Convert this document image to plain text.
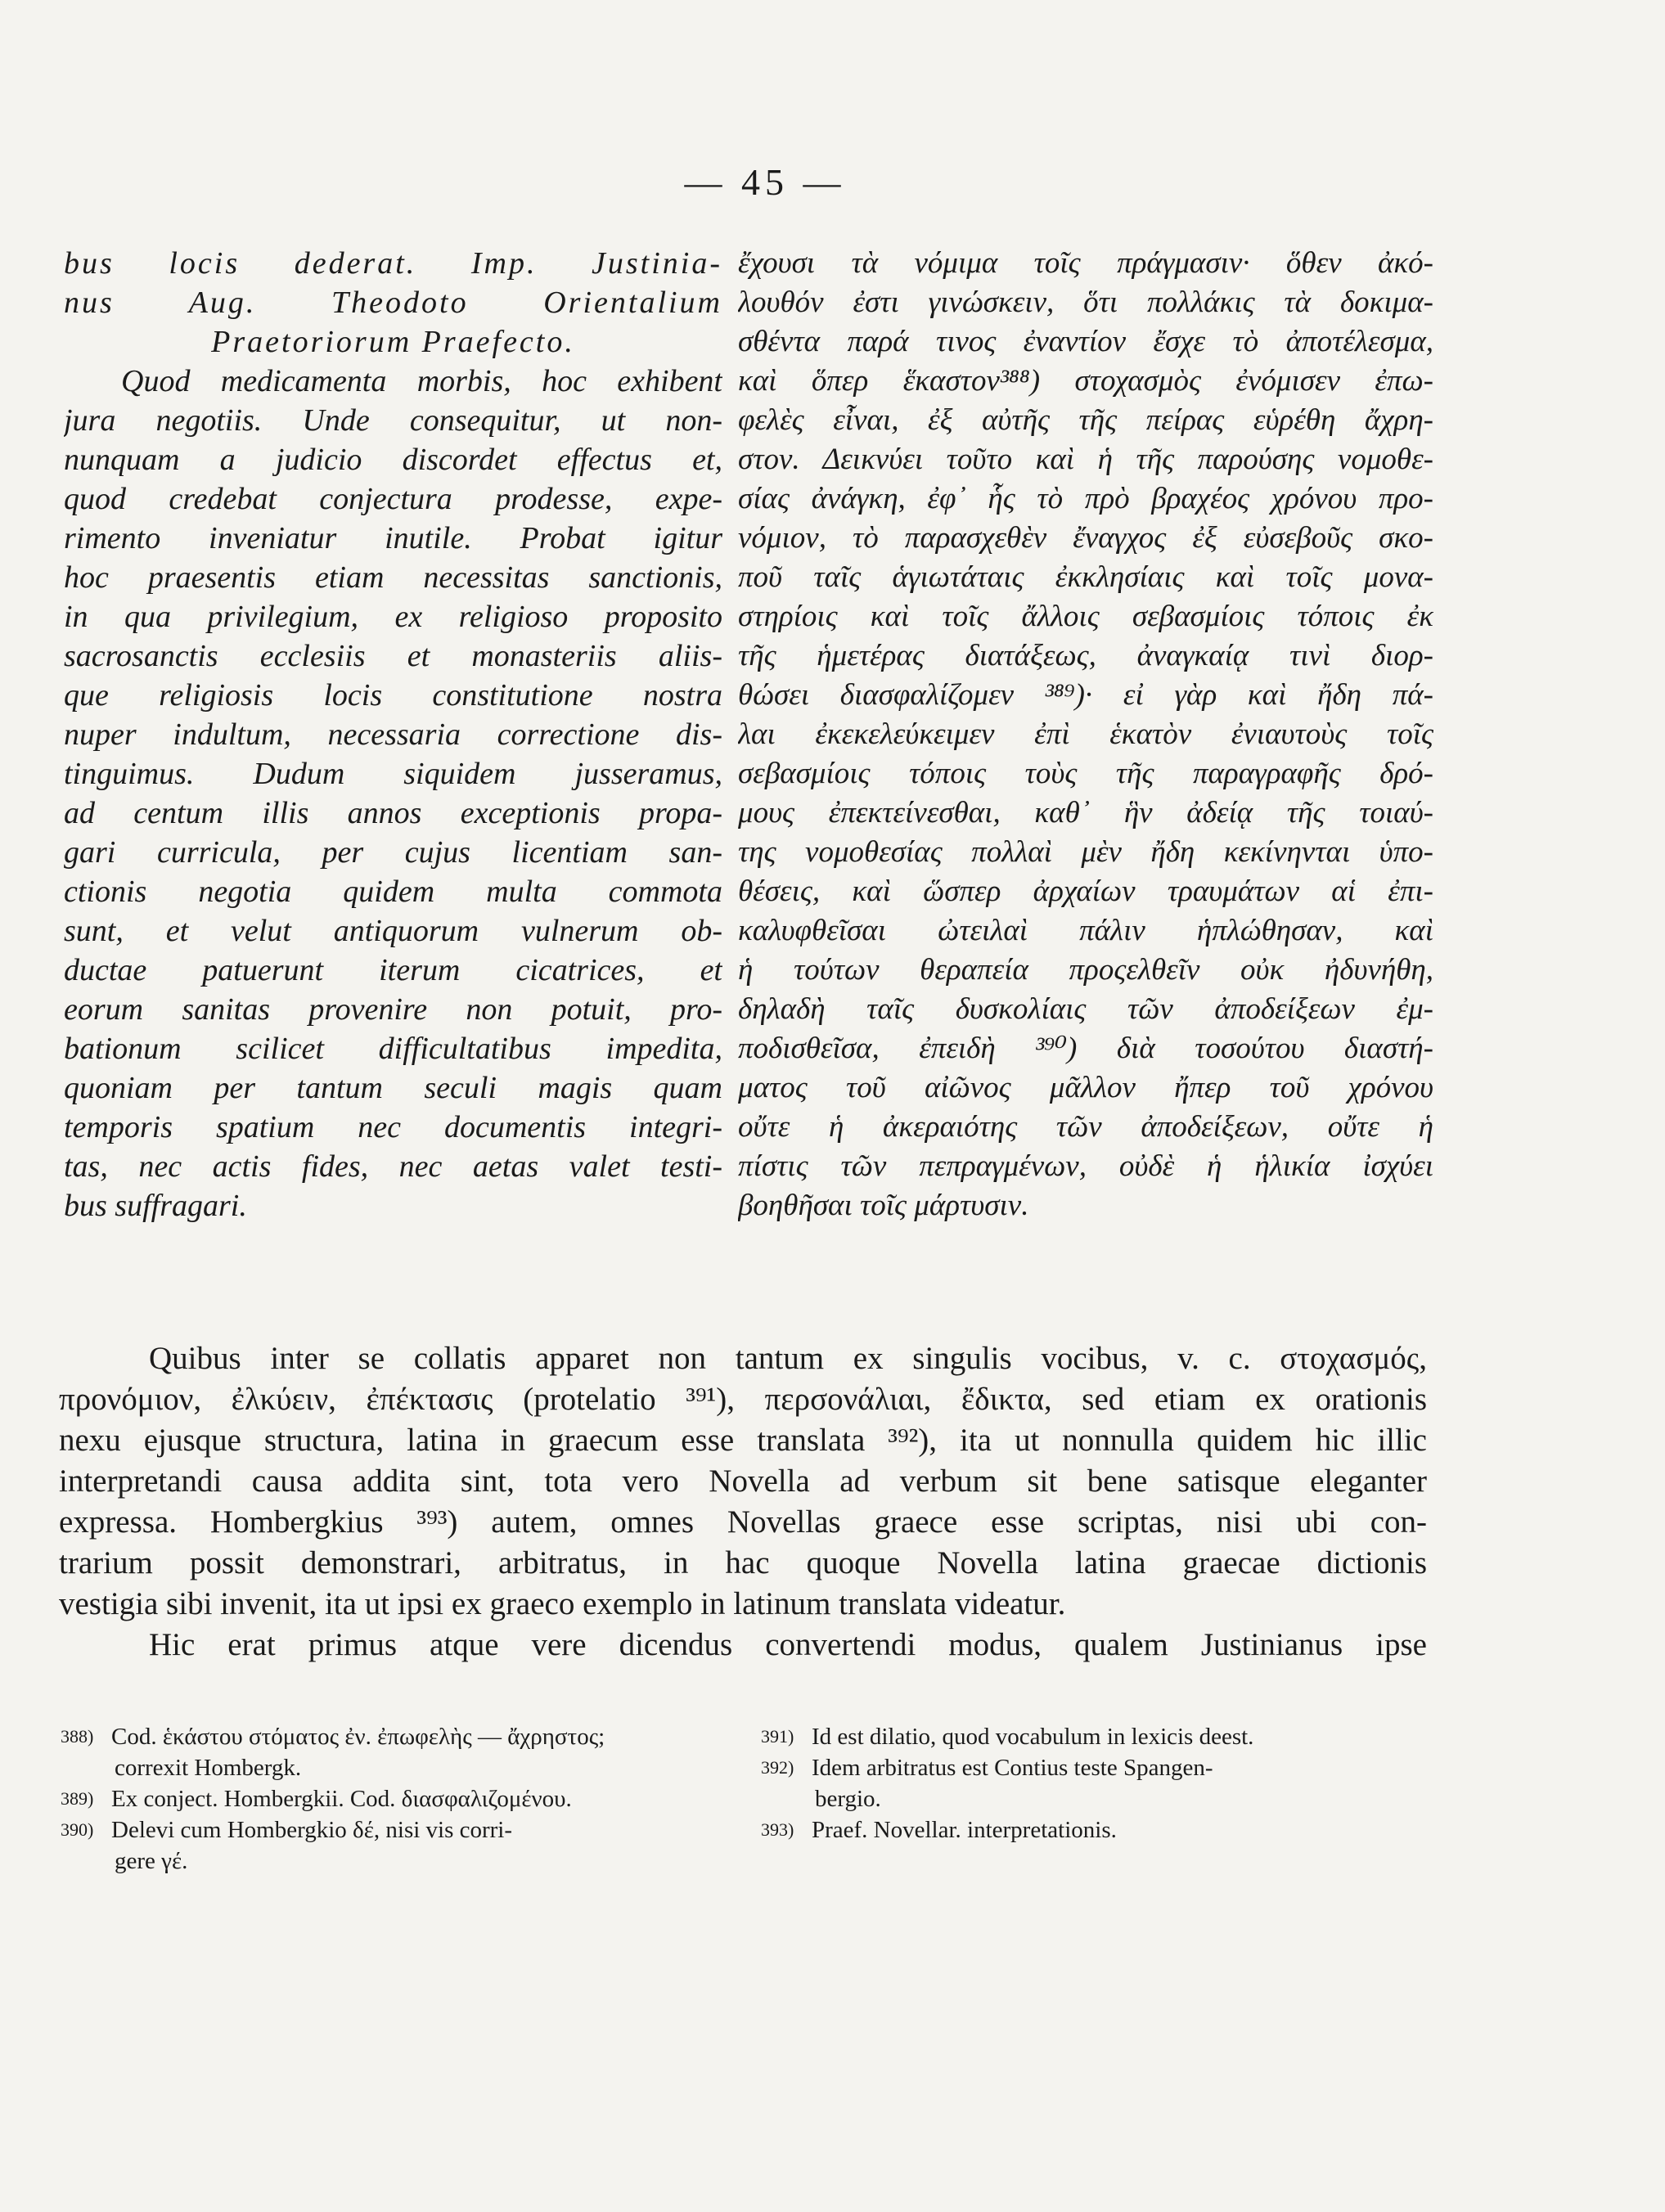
— 45 —
bus locis dederat. Imp. Justinia-
nus Aug. Theodoto Orientalium
Praetoriorum Praefecto.
Quod medicamenta morbis, hoc exhibent
jura negotiis. Unde consequitur, ut non-
nunquam a judicio discordet effectus et,
quod credebat conjectura prodesse, expe-
rimento inveniatur inutile. Probat igitur
hoc praesentis etiam necessitas sanctionis,
in qua privilegium, ex religioso proposito
sacrosanctis ecclesiis et monasteriis aliis-
que religiosis locis constitutione nostra
nuper indultum, necessaria correctione dis-
tinguimus. Dudum siquidem jusseramus,
ad centum illis annos exceptionis propa-
gari curricula, per cujus licentiam san-
ctionis negotia quidem multa commota
sunt, et velut antiquorum vulnerum ob-
ductae patuerunt iterum cicatrices, et
eorum sanitas provenire non potuit, pro-
bationum scilicet difficultatibus impedita,
quoniam per tantum seculi magis quam
temporis spatium nec documentis integri-
tas, nec actis fides, nec aetas valet testi-
bus suffragari.
ἔχουσι τὰ νόμιμα τοῖς πράγμασιν· ὅθεν ἀκό-
λουθόν ἐστι γινώσκειν, ὅτι πολλάκις τὰ δοκιμα-
σθέντα παρά τινος ἐναντίον ἔσχε τὸ ἀποτέλεσμα,
καὶ ὅπερ ἕκαστον³⁸⁸) στοχασμὸς ἐνόμισεν ἐπω-
φελὲς εἶναι, ἐξ αὐτῆς τῆς πείρας εὑρέθη ἄχρη-
στον. Δεικνύει τοῦτο καὶ ἡ τῆς παρούσης νομοθε-
σίας ἀνάγκη, ἐφ᾽ ἧς τὸ πρὸ βραχέος χρόνου προ-
νόμιον, τὸ παρασχεθὲν ἔναγχος ἐξ εὐσεβοῦς σκο-
ποῦ ταῖς ἁγιωτάταις ἐκκλησίαις καὶ τοῖς μονα-
στηρίοις καὶ τοῖς ἄλλοις σεβασμίοις τόποις ἐκ
τῆς ἡμετέρας διατάξεως, ἀναγκαίᾳ τινὶ διορ-
θώσει διασφαλίζομεν ³⁸⁹)· εἰ γὰρ καὶ ἤδη πά-
λαι ἐκεκελεύκειμεν ἐπὶ ἑκατὸν ἐνιαυτοὺς τοῖς
σεβασμίοις τόποις τοὺς τῆς παραγραφῆς δρό-
μους ἐπεκτείνεσθαι, καθ᾽ ἣν ἀδείᾳ τῆς τοιαύ-
της νομοθεσίας πολλαὶ μὲν ἤδη κεκίνηνται ὑπο-
θέσεις, καὶ ὥσπερ ἀρχαίων τραυμάτων αἱ ἐπι-
καλυφθεῖσαι ὠτειλαὶ πάλιν ἡπλώθησαν, καὶ
ἡ τούτων θεραπεία προςελθεῖν οὐκ ἠδυνήθη,
δηλαδὴ ταῖς δυσκολίαις τῶν ἀποδείξεων ἐμ-
ποδισθεῖσα, ἐπειδὴ ³⁹⁰) διὰ τοσούτου διαστή-
ματος τοῦ αἰῶνος μᾶλλον ἤπερ τοῦ χρόνου
οὔτε ἡ ἀκεραιότης τῶν ἀποδείξεων, οὔτε ἡ
πίστις τῶν πεπραγμένων, οὐδὲ ἡ ἡλικία ἰσχύει
βοηθῆσαι τοῖς μάρτυσιν.
Quibus inter se collatis apparet non tantum ex singulis vocibus, v. c. στοχασμός,
προνόμιον, ἐλκύειν, ἐπέκτασις (protelatio ³⁹¹), περσονάλιαι, ἔδικτα, sed etiam ex orationis
nexu ejusque structura, latina in graecum esse translata ³⁹²), ita ut nonnulla quidem hic illic
interpretandi causa addita sint, tota vero Novella ad verbum sit bene satisque eleganter
expressa. Hombergkius ³⁹³) autem, omnes Novellas graece esse scriptas, nisi ubi con-
trarium possit demonstrari, arbitratus, in hac quoque Novella latina graecae dictionis
vestigia sibi invenit, ita ut ipsi ex graeco exemplo in latinum translata videatur.
Hic erat primus atque vere dicendus convertendi modus, qualem Justinianus ipse
388) Cod. ἑκάστου στόματος ἐν. ἐπωφελὴς — ἄχρηστος;
correxit Hombergk.
389) Ex conject. Hombergkii. Cod. διασφαλιζομένου.
390) Delevi cum Hombergkio δέ, nisi vis corri-
gere γέ.
391) Id est dilatio, quod vocabulum in lexicis deest.
392) Idem arbitratus est Contius teste Spangen-
bergio.
393) Praef. Novellar. interpretationis.
